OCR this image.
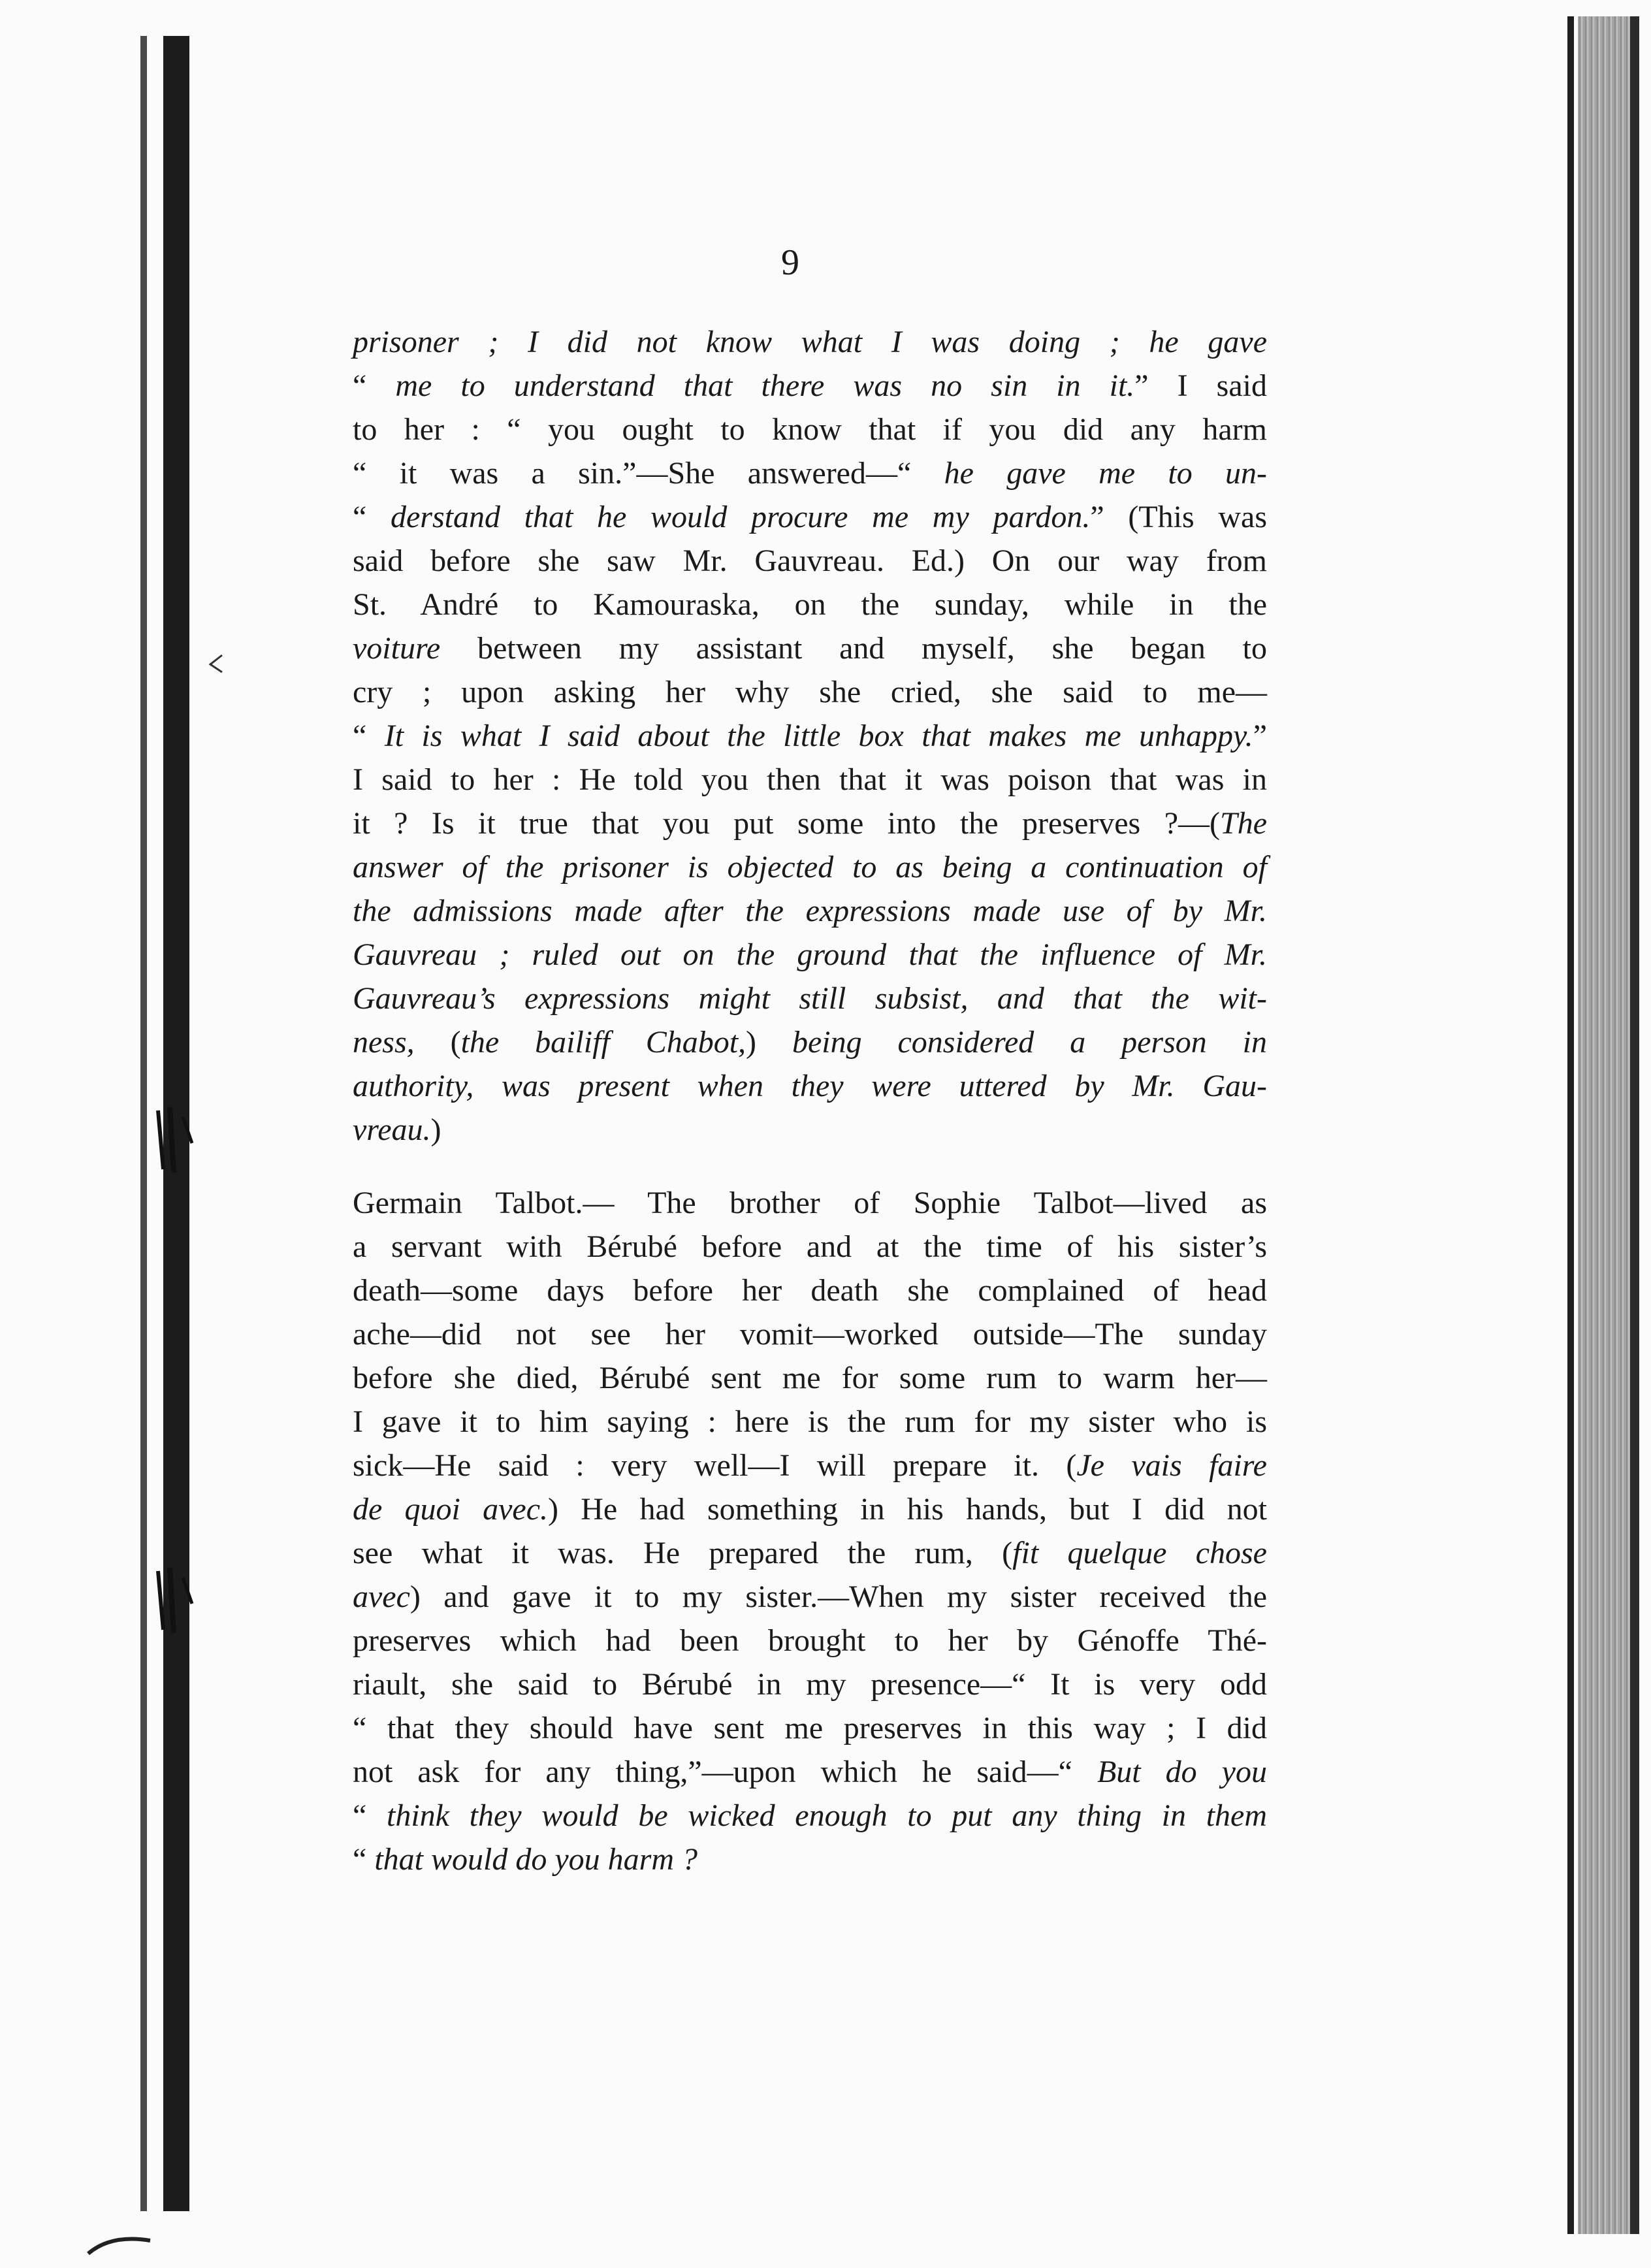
9
prisoner ; I did not know what I was doing ; he gave
“ me to understand that there was no sin in it.” I said
to her : “ you ought to know that if you did any harm
“ it was a sin.”—She answered—“ he gave me to un-
“ derstand that he would procure me my pardon.” (This was
said before she saw Mr. Gauvreau. Ed.) On our way from
St. André to Kamouraska, on the sunday, while in the
voiture between my assistant and myself, she began to
cry ; upon asking her why she cried, she said to me—
“ It is what I said about the little box that makes me unhappy.”
I said to her : He told you then that it was poison that was in
it ? Is it true that you put some into the preserves ?—(The
answer of the prisoner is objected to as being a continuation of
the admissions made after the expressions made use of by Mr.
Gauvreau ; ruled out on the ground that the influence of Mr.
Gauvreau’s expressions might still subsist, and that the wit-
ness, (the bailiff Chabot,) being considered a person in
authority, was present when they were uttered by Mr. Gau-
vreau.)
Germain Talbot.— The brother of Sophie Talbot—lived as
a servant with Bérubé before and at the time of his sister’s
death—some days before her death she complained of head
ache—did not see her vomit—worked outside—The sunday
before she died, Bérubé sent me for some rum to warm her—
I gave it to him saying : here is the rum for my sister who is
sick—He said : very well—I will prepare it. (Je vais faire
de quoi avec.) He had something in his hands, but I did not
see what it was. He prepared the rum, (fit quelque chose
avec) and gave it to my sister.—When my sister received the
preserves which had been brought to her by Génoffe Thé-
riault, she said to Bérubé in my presence—“ It is very odd
“ that they should have sent me preserves in this way ; I did
not ask for any thing,”—upon which he said—“ But do you
“ think they would be wicked enough to put any thing in them
“ that would do you harm ?
